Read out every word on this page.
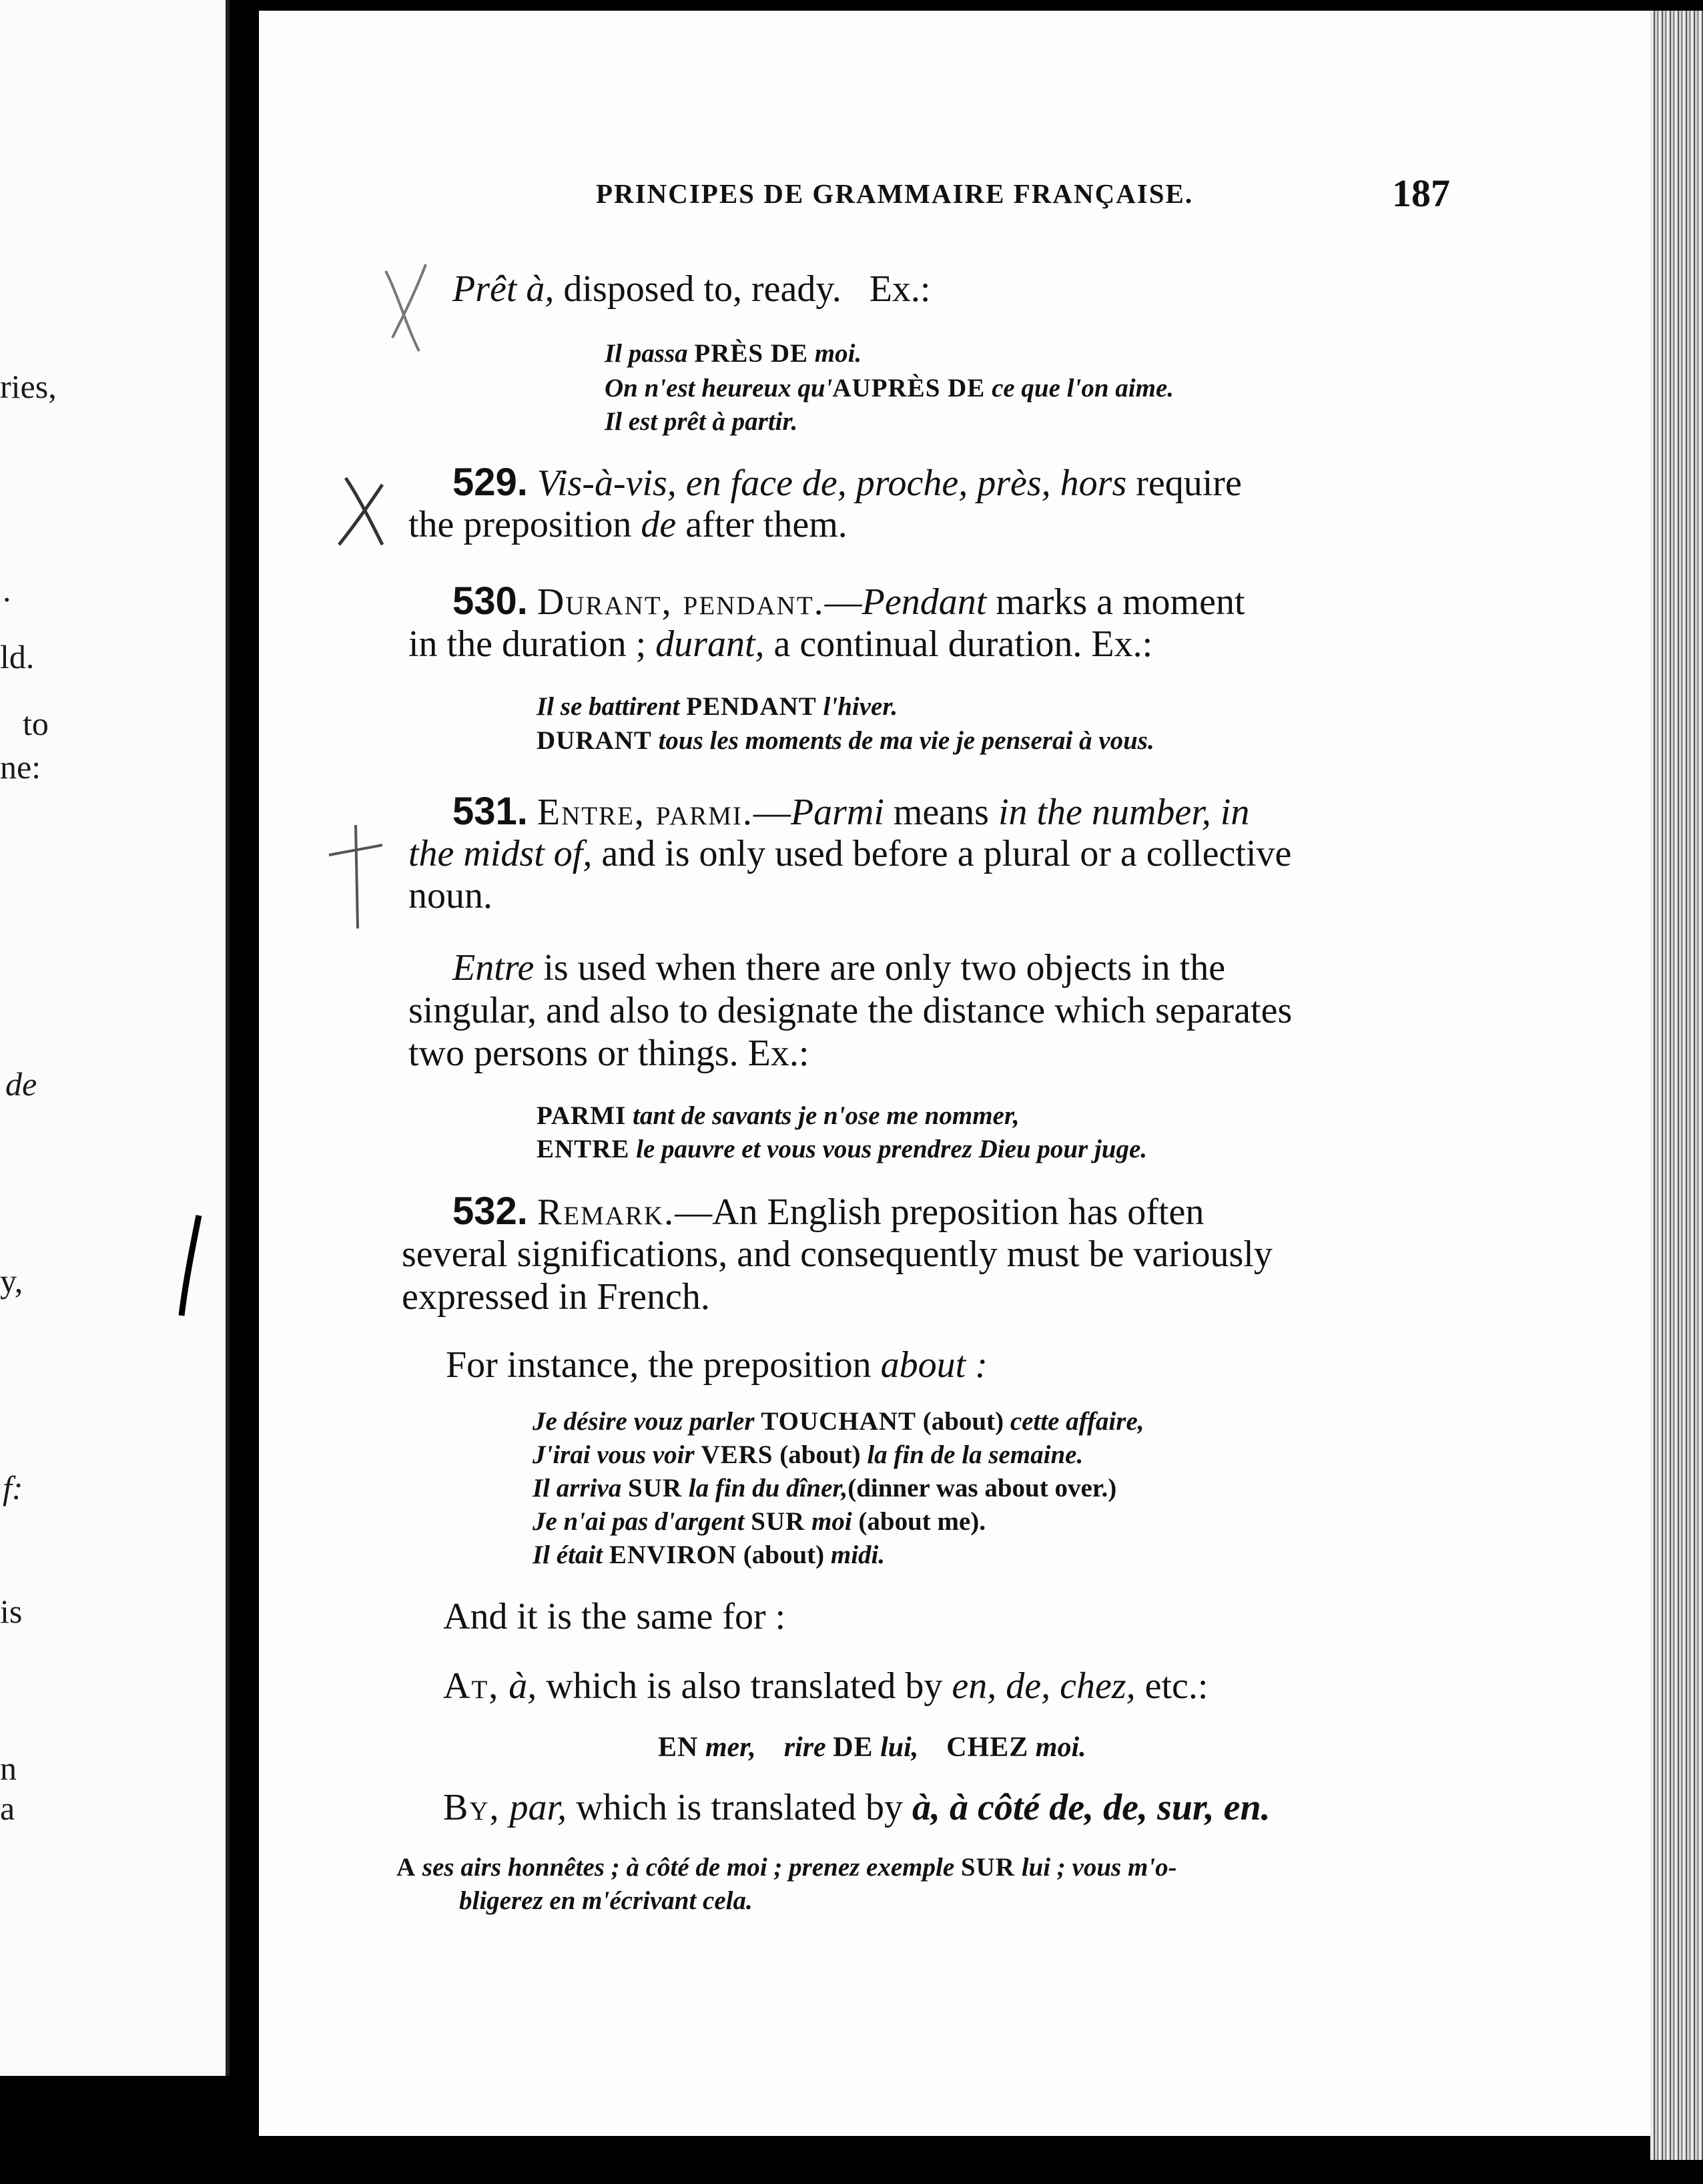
ries,
.
ld.
to
ne:
de
y,
f:
is
n
a
PRINCIPES DE GRAMMAIRE FRANÇAISE.	187
Prêt à, disposed to, ready. Ex.:
Il passa PRÈS DE moi.
On n'est heureux qu'AUPRÈS DE ce que l'on aime.
Il est prêt à partir.
529. Vis-à-vis, en face de, proche, près, hors require
the preposition de after them.
530. Durant, pendant.—Pendant marks a moment
in the duration ; durant, a continual duration. Ex.:
Il se battirent PENDANT l'hiver.
DURANT tous les moments de ma vie je penserai à vous.
531. Entre, parmi.—Parmi means in the number, in
the midst of, and is only used before a plural or a collective
noun.
Entre is used when there are only two objects in the
singular, and also to designate the distance which separates
two persons or things. Ex.:
PARMI tant de savants je n'ose me nommer,
ENTRE le pauvre et vous vous prendrez Dieu pour juge.
532. Remark.—An English preposition has often
several significations, and consequently must be variously
expressed in French.
For instance, the preposition about :
Je désire vouz parler TOUCHANT (about) cette affaire,
J'irai vous voir VERS (about) la fin de la semaine.
Il arriva SUR la fin du dîner,(dinner was about over.)
Je n'ai pas d'argent SUR moi (about me).
Il était ENVIRON (about) midi.
And it is the same for :
At, à, which is also translated by en, de, chez, etc.:
EN mer, rire DE lui, CHEZ moi.
By, par, which is translated by à, à côté de, de, sur, en.
A ses airs honnêtes ; à côté de moi ; prenez exemple SUR lui ; vous m'o-
bligerez en m'écrivant cela.
